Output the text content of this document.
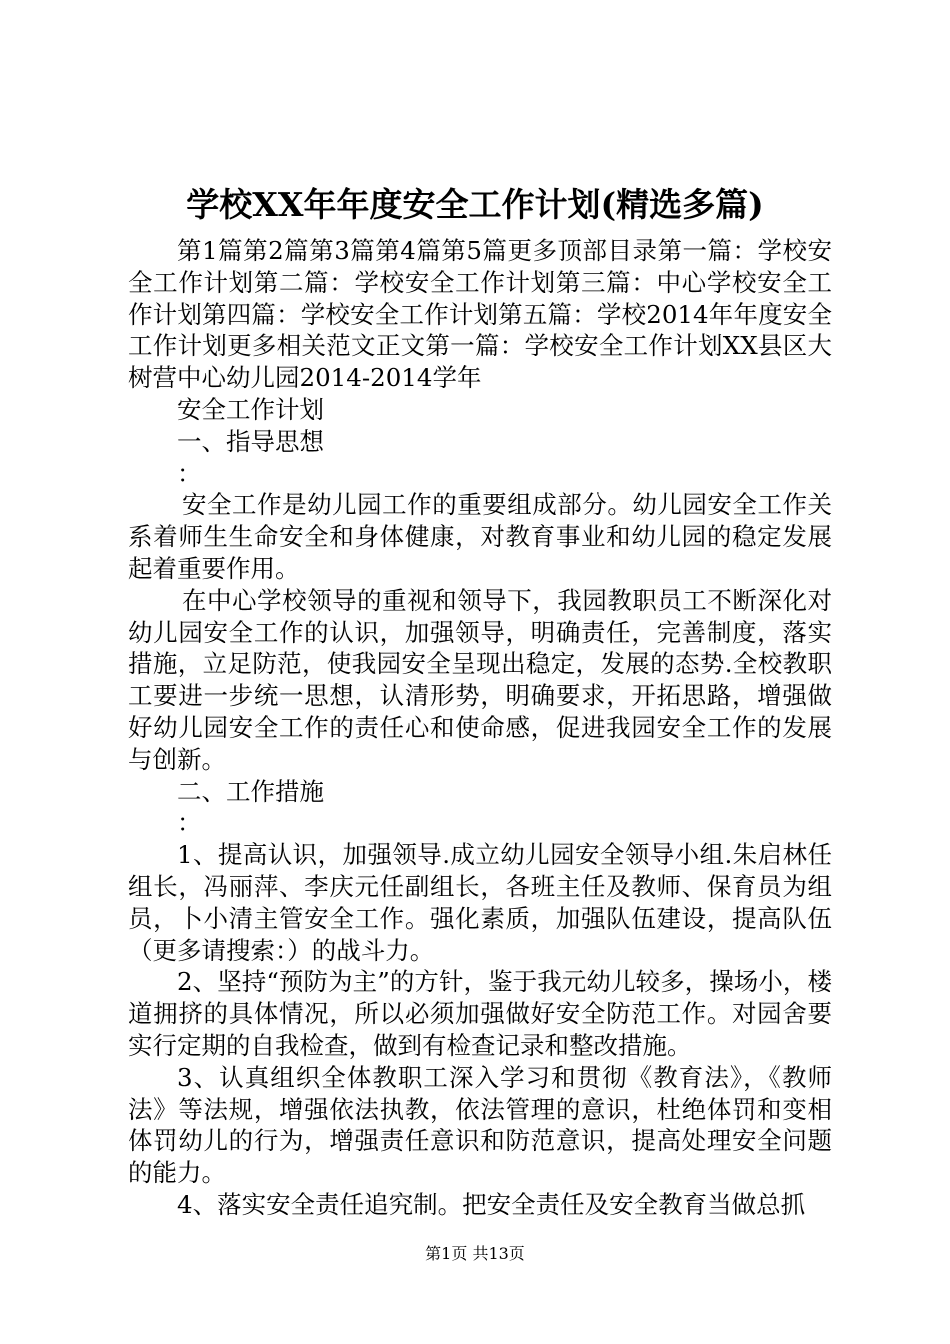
学校XX年年度安全工作计划(精选多篇)

第1篇第2篇第3篇第4篇第5篇更多顶部目录第一篇：学校安全工作计划第二篇：学校安全工作计划第三篇：中心学校安全工作计划第四篇：学校安全工作计划第五篇：学校2014年年度安全工作计划更多相关范文正文第一篇：学校安全工作计划XX县区大树营中心幼儿园2014-2014学年

安全工作计划

一、指导思想

：

安全工作是幼儿园工作的重要组成部分。幼儿园安全工作关系着师生生命安全和身体健康，对教育事业和幼儿园的稳定发展起着重要作用。

在中心学校领导的重视和领导下，我园教职员工不断深化对幼儿园安全工作的认识，加强领导，明确责任，完善制度，落实措施，立足防范，使我园安全呈现出稳定，发展的态势.全校教职工要进一步统一思想，认清形势，明确要求，开拓思路，增强做好幼儿园安全工作的责任心和使命感，促进我园安全工作的发展与创新。

二、工作措施

：

1、提高认识，加强领导.成立幼儿园安全领导小组.朱启林任组长，冯丽萍、李庆元任副组长，各班主任及教师、保育员为组员，卜小清主管安全工作。强化素质，加强队伍建设，提高队伍（更多请搜索：）的战斗力。

2、坚持“预防为主”的方针，鉴于我元幼儿较多，操场小，楼道拥挤的具体情况，所以必须加强做好安全防范工作。对园舍要实行定期的自我检查，做到有检查记录和整改措施。

3、认真组织全体教职工深入学习和贯彻《教育法》，《教师法》等法规，增强依法执教，依法管理的意识，杜绝体罚和变相体罚幼儿的行为，增强责任意识和防范意识，提高处理安全问题的能力。

4、落实安全责任追究制。把安全责任及安全教育当做总抓

第1页 共13页
